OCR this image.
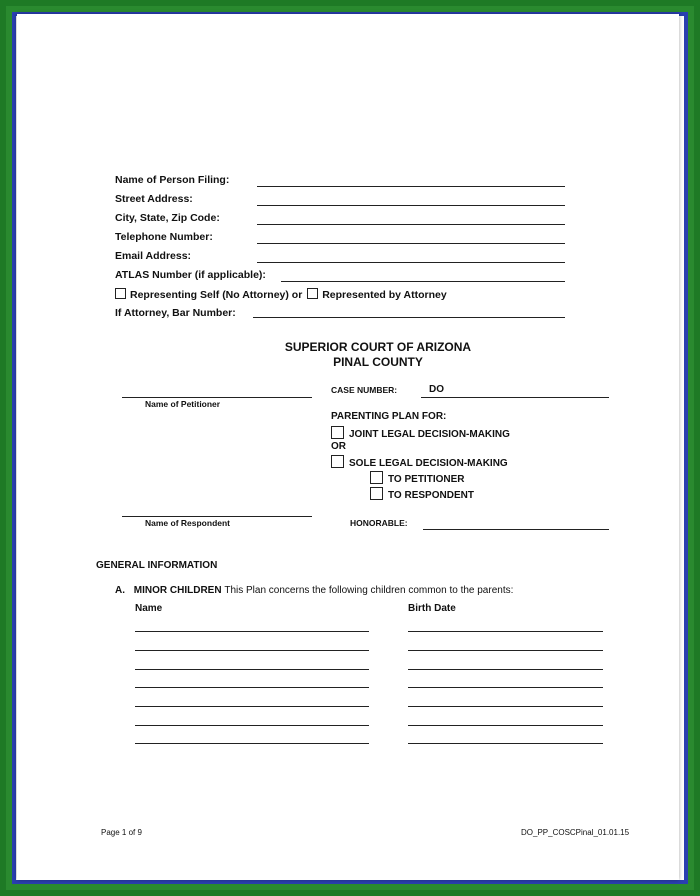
Name of Person Filing:
Street Address:
City, State, Zip Code:
Telephone Number:
Email Address:
ATLAS Number (if applicable):
Representing Self (No Attorney) or Represented by Attorney
If Attorney, Bar Number:
SUPERIOR COURT OF ARIZONA
PINAL COUNTY
Name of Petitioner
CASE NUMBER:	DO
PARENTING PLAN FOR:
JOINT LEGAL DECISION-MAKING
OR
SOLE LEGAL DECISION-MAKING
TO PETITIONER
TO RESPONDENT
Name of Respondent	HONORABLE:
GENERAL INFORMATION
A. MINOR CHILDREN This Plan concerns the following children common to the parents:
Name	Birth Date
Page 1 of 9	DO_PP_COSCPinal_01.01.15
